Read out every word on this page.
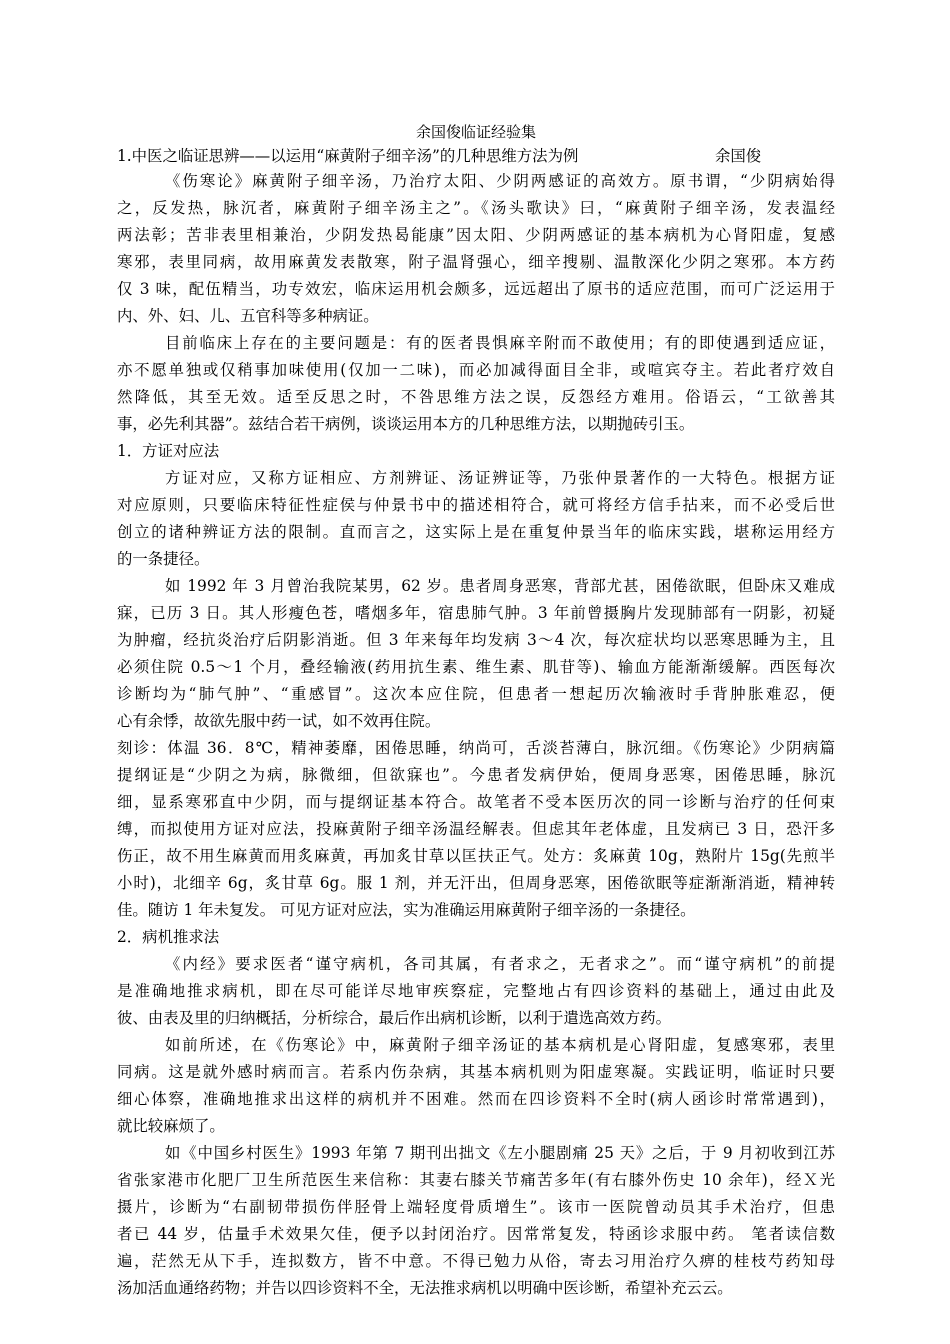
余国俊临证经验集

1.中医之临证思辨——以运用“麻黄附子细辛汤”的几种思维方法为例	余国俊

《伤寒论》麻黄附子细辛汤，乃治疗太阳、少阴两感证的高效方。原书谓，“少阴病始得

之，反发热，脉沉者，麻黄附子细辛汤主之”。《汤头歌诀》曰，“麻黄附子细辛汤，发表温经

两法彰；苦非表里相兼治，少阴发热曷能康”因太阳、少阴两感证的基本病机为心肾阳虚，复感

寒邪，表里同病，故用麻黄发表散寒，附子温肾强心，细辛搜剔、温散深化少阴之寒邪。本方药

仅 3 味，配伍精当，功专效宏，临床运用机会颇多，远远超出了原书的适应范围，而可广泛运用于

内、外、妇、儿、五官科等多种病证。

目前临床上存在的主要问题是：有的医者畏惧麻辛附而不敢使用；有的即使遇到适应证，

亦不愿单独或仅稍事加味使用(仅加一二味)，而必加减得面目全非，或喧宾夺主。若此者疗效自

然降低，其至无效。适至反思之时，不咎思维方法之误，反怨经方难用。俗语云，“工欲善其

事，必先利其器”。兹结合若干病例，谈谈运用本方的几种思维方法，以期抛砖引玉。

1．方证对应法

方证对应，又称方证相应、方剂辨证、汤证辨证等，乃张仲景著作的一大特色。根据方证

对应原则，只要临床特征性症侯与仲景书中的描述相符合，就可将经方信手拈来，而不必受后世

创立的诸种辨证方法的限制。直而言之，这实际上是在重复仲景当年的临床实践，堪称运用经方

的一条捷径。

如 1992 年 3 月曾治我院某男，62 岁。患者周身恶寒，背部尤甚，困倦欲眠，但卧床又难成

寐，已历 3 日。其人形瘦色苍，嗜烟多年，宿患肺气肿。3 年前曾摄胸片发现肺部有一阴影，初疑

为肿瘤，经抗炎治疗后阴影消逝。但 3 年来每年均发病 3～4 次，每次症状均以恶寒思睡为主，且

必须住院 0.5～1 个月，叠经输液(药用抗生素、维生素、肌苷等)、输血方能渐渐缓解。西医每次

诊断均为“肺气肿”、“重感冒”。这次本应住院，但患者一想起历次输液时手背肿胀难忍，便

心有余悸，故欲先服中药一试，如不效再住院。

刻诊：体温 36．8℃，精神萎靡，困倦思睡，纳尚可，舌淡苔薄白，脉沉细。《伤寒论》少阴病篇

提纲证是“少阴之为病，脉微细，但欲寐也”。今患者发病伊始，便周身恶寒，困倦思睡，脉沉

细，显系寒邪直中少阴，而与提纲证基本符合。故笔者不受本医历次的同一诊断与治疗的任何束

缚，而拟使用方证对应法，投麻黄附子细辛汤温经解表。但虑其年老体虚，且发病已 3 日，恐汗多

伤正，故不用生麻黄而用炙麻黄，再加炙甘草以匡扶正气。处方：炙麻黄 10g，熟附片 15g(先煎半

小时)，北细辛 6g，炙甘草 6g。服 1 剂，并无汗出，但周身恶寒，困倦欲眠等症渐渐消逝，精神转

佳。随访 1 年未复发。 可见方证对应法，实为准确运用麻黄附子细辛汤的一条捷径。

2．病机推求法

《内经》要求医者“谨守病机，各司其属，有者求之，无者求之”。而“谨守病机”的前提

是准确地推求病机，即在尽可能详尽地审疾察症，完整地占有四诊资料的基础上，通过由此及

彼、由表及里的归纳概括，分析综合，最后作出病机诊断，以利于遣选高效方药。

如前所述，在《伤寒论》中，麻黄附子细辛汤证的基本病机是心肾阳虚，复感寒邪，表里

同病。这是就外感时病而言。若系内伤杂病，其基本病机则为阳虚寒凝。实践证明，临证时只要

细心体察，准确地推求出这样的病机并不困难。然而在四诊资料不全时(病人函诊时常常遇到)，

就比较麻烦了。

如《中国乡村医生》1993 年第 7 期刊出拙文《左小腿剧痛 25 天》之后，于 9 月初收到江苏

省张家港市化肥厂卫生所范医生来信称：其妻右膝关节痛苦多年(有右膝外伤史 10 余年)，经Ｘ光

摄片，诊断为“右副韧带损伤伴胫骨上端轻度骨质增生”。该市一医院曾动员其手术治疗，但患

者已 44 岁，估量手术效果欠佳，便予以封闭治疗。因常常复发，特函诊求服中药。 笔者读信数

遍，茫然无从下手，连拟数方，皆不中意。不得已勉力从俗，寄去习用治疗久痹的桂枝芍药知母

汤加活血通络药物；并告以四诊资料不全，无法推求病机以明确中医诊断，希望补充云云。
